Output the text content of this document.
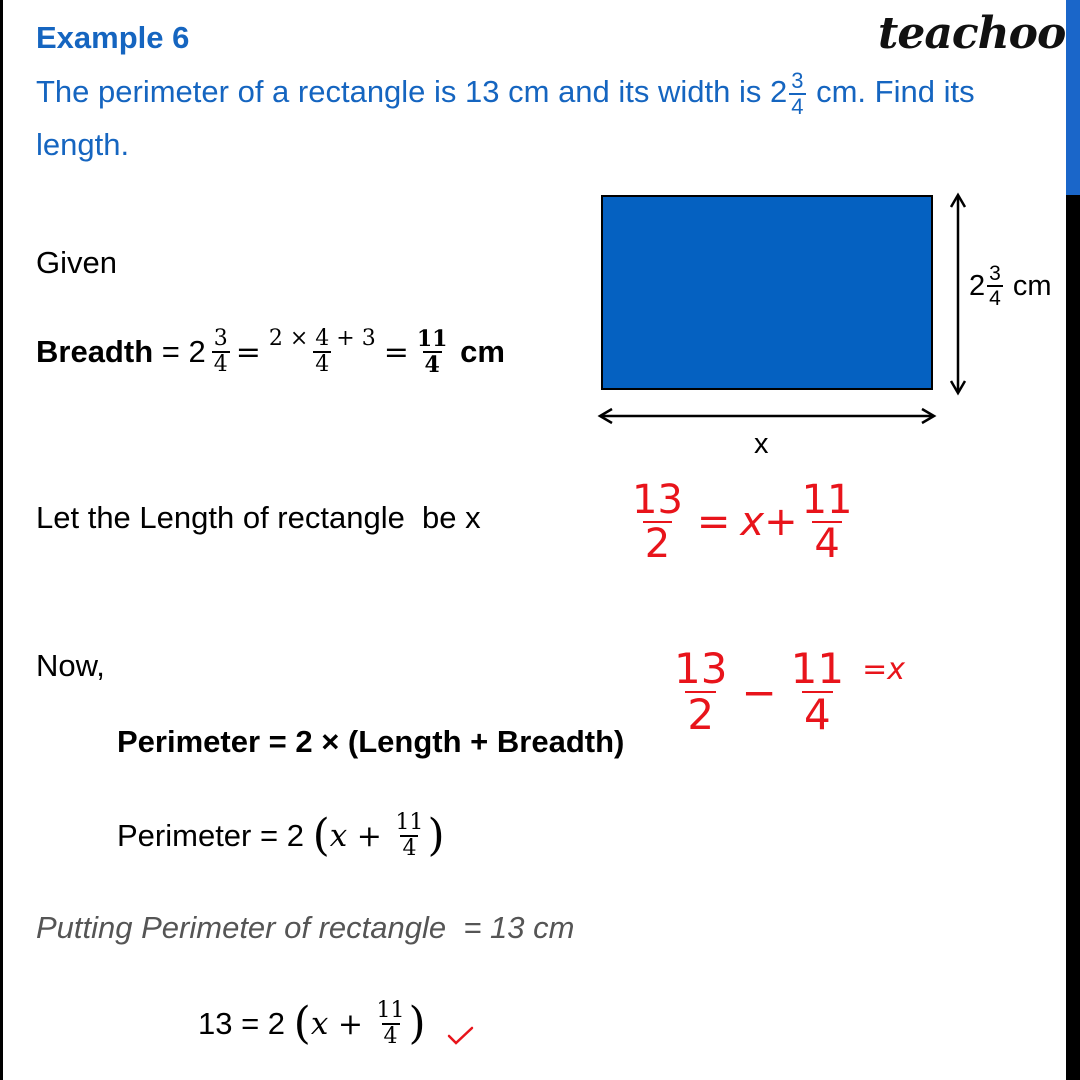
Example 6	teachoo
The perimeter of a rectangle is 13 cm and its width is $2 \frac{3}{4}$ cm. Find its
length.
Given
Breadth = $2 \frac{3}{4} = \frac{2 \times 4 + 3}{4} = \frac{11}{4}$ cm
$2 \frac{3}{4}$ cm
x
Let the Length of rectangle  be x	$\frac{13}{2} = x+ \frac{11}{4}$
Now,	$\frac{13}{2} - \frac{11}{4} =x$
Perimeter = 2 × (Length + Breadth)
Perimeter = 2 ( $x + \frac{11}{4}$ )
Putting Perimeter of rectangle  = 13 cm
13 = 2 ( $x + \frac{11}{4}$ )
